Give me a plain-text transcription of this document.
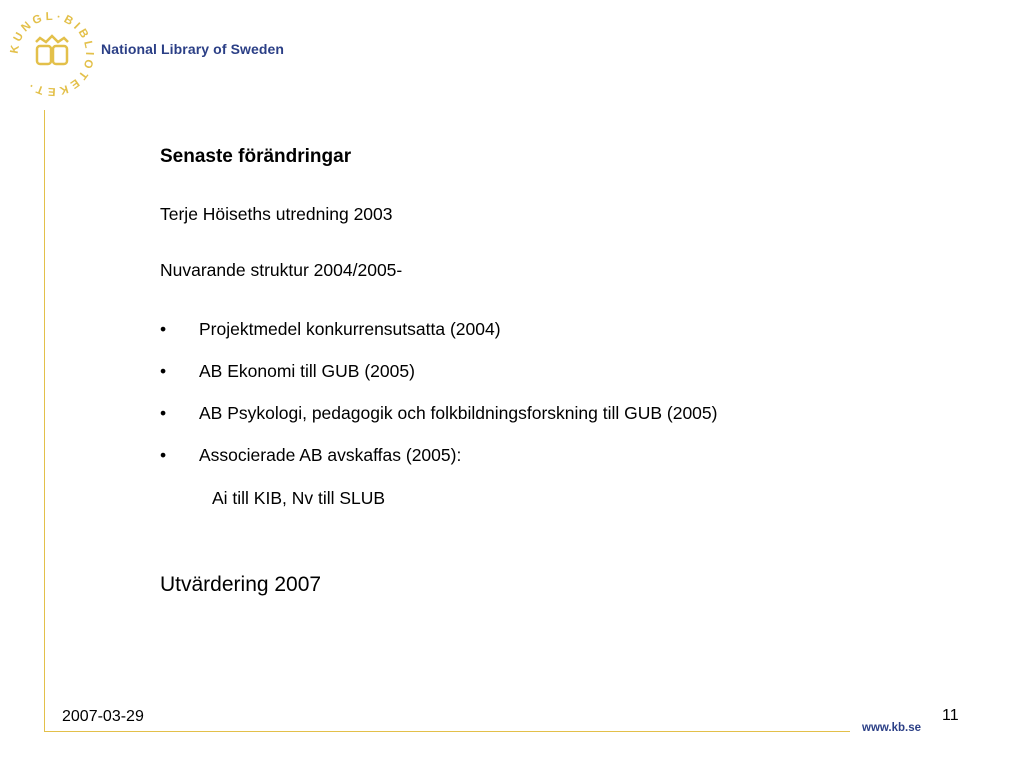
KUNGL·BIBLIOTEKET·
National Library of Sweden
Senaste förändringar
Terje Höiseths utredning 2003
Nuvarande struktur 2004/2005-
• Projektmedel konkurrensutsatta (2004)
• AB Ekonomi till GUB (2005)
• AB Psykologi, pedagogik och folkbildningsforskning till GUB (2005)
• Associerade AB avskaffas (2005):
Ai till KIB, Nv till SLUB
Utvärdering 2007
2007-03-29	11
www.kb.se
